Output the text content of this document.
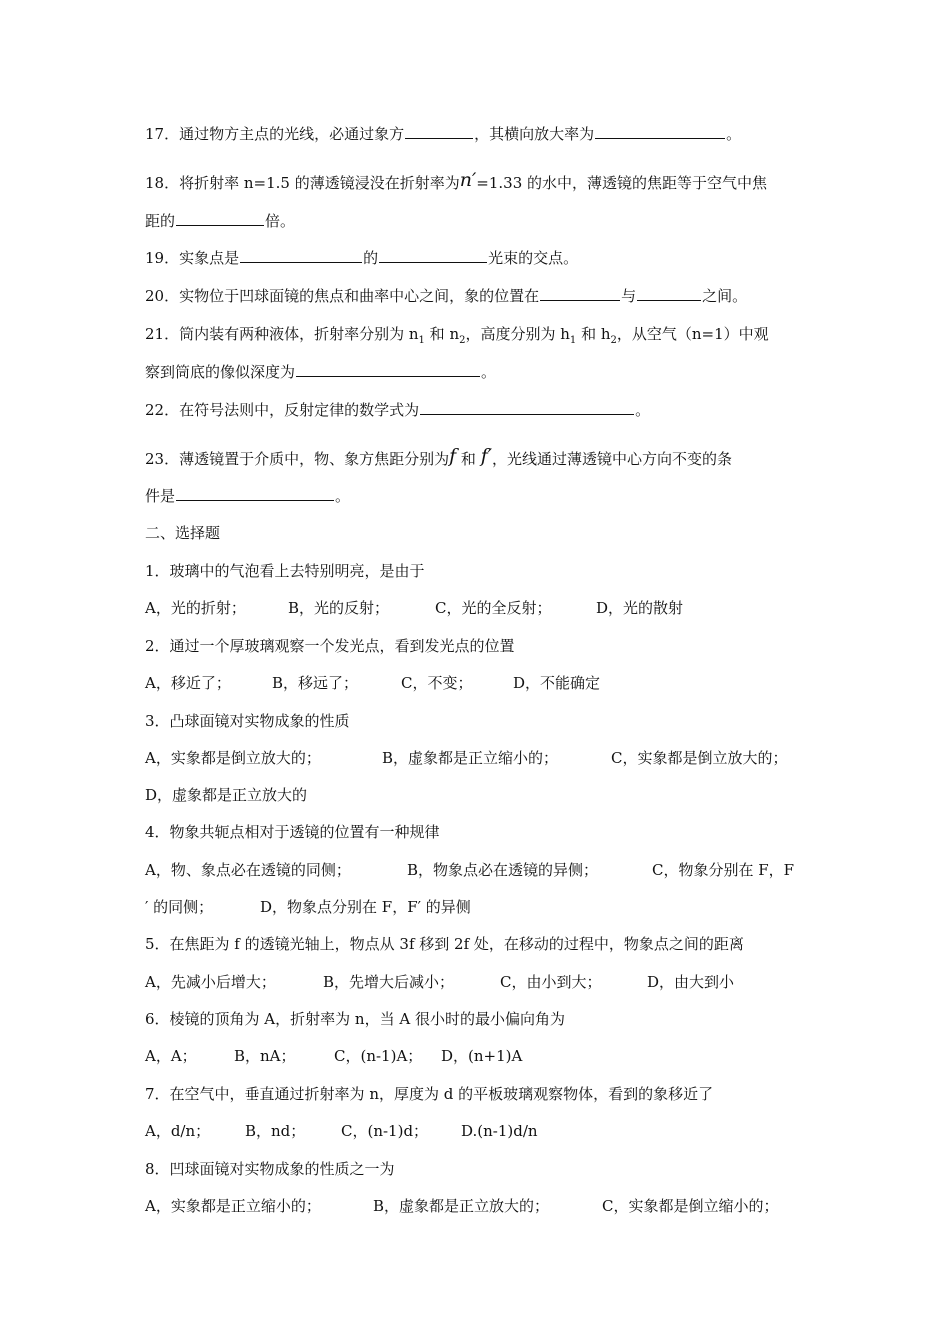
17．通过物方主点的光线，必通过象方	，其横向放大率为	。
18．将折射率 n=1.5 的薄透镜浸没在折射率为n′=1.33 的水中，薄透镜的焦距等于空气中焦
距的	倍。
19．实象点是	的	光束的交点。
20．实物位于凹球面镜的焦点和曲率中心之间，象的位置在	与	之间。
21．筒内装有两种液体，折射率分别为 $n_1$ 和 $n_2$，高度分别为 $h_1$ 和 $h_2$，从空气（n=1）中观
察到筒底的像似深度为	。
22．在符号法则中，反射定律的数学式为	。
23．薄透镜置于介质中，物、象方焦距分别为f 和 f′，光线通过薄透镜中心方向不变的条
件是	。
二、选择题
1．玻璃中的气泡看上去特别明亮，是由于
A，光的折射；	B，光的反射；	C，光的全反射；	D，光的散射
2．通过一个厚玻璃观察一个发光点，看到发光点的位置
A，移近了；	B，移远了；	C，不变；	D，不能确定
3．凸球面镜对实物成象的性质
A，实象都是倒立放大的；	B，虚象都是正立缩小的；	C，实象都是倒立放大的；
D，虚象都是正立放大的
4．物象共轭点相对于透镜的位置有一种规律
A，物、象点必在透镜的同侧；	B，物象点必在透镜的异侧；	C，物象分别在 F，F
′ 的同侧；	D，物象点分别在 F，F′ 的异侧
5．在焦距为 f 的透镜光轴上，物点从 3f 移到 2f 处，在移动的过程中，物象点之间的距离
A，先减小后增大；	B，先增大后减小；	C，由小到大；	D，由大到小
6．棱镜的顶角为 A，折射率为 n，当 A 很小时的最小偏向角为
A，A； B，nA；	C，(n-1)A； D，(n+1)A
7．在空气中，垂直通过折射率为 n，厚度为 d 的平板玻璃观察物体，看到的象移近了
A，d/n； B，nd； C，(n-1)d； D.(n-1)d/n
8．凹球面镜对实物成象的性质之一为
A，实象都是正立缩小的；	B，虚象都是正立放大的；	C，实象都是倒立缩小的；
